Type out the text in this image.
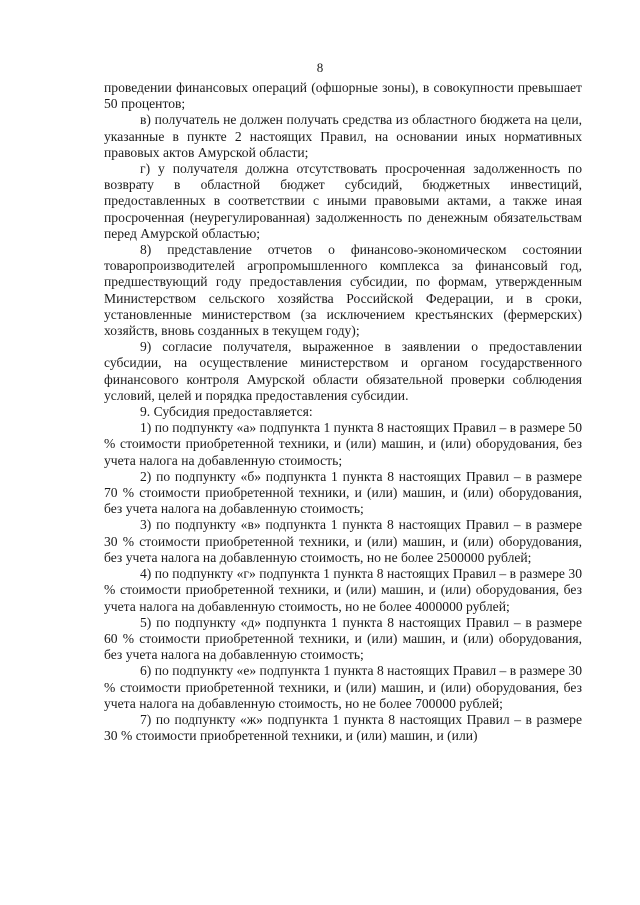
8

проведении финансовых операций (офшорные зоны), в совокупности превышает 50 процентов;

в) получатель не должен получать средства из областного бюджета на цели, указанные в пункте 2 настоящих Правил, на основании иных нормативных правовых актов Амурской области;

г) у получателя должна отсутствовать просроченная задолженность по возврату в областной бюджет субсидий, бюджетных инвестиций, предоставленных в соответствии с иными правовыми актами, а также иная просроченная (неурегулированная) задолженность по денежным обязательствам перед Амурской областью;

8) представление отчетов о финансово-экономическом состоянии товаропроизводителей агропромышленного комплекса за финансовый год, предшествующий году предоставления субсидии, по формам, утвержденным Министерством сельского хозяйства Российской Федерации, и в сроки, установленные министерством (за исключением крестьянских (фермерских) хозяйств, вновь созданных в текущем году);

9) согласие получателя, выраженное в заявлении о предоставлении субсидии, на осуществление министерством и органом государственного финансового контроля Амурской области обязательной проверки соблюдения условий, целей и порядка предоставления субсидии.

9. Субсидия предоставляется:

1) по подпункту «а» подпункта 1 пункта 8 настоящих Правил – в размере 50 % стоимости приобретенной техники, и (или) машин, и (или) оборудования, без учета налога на добавленную стоимость;

2) по подпункту «б» подпункта 1 пункта 8 настоящих Правил – в размере 70 % стоимости приобретенной техники, и (или) машин, и (или) оборудования, без учета налога на добавленную стоимость;

3) по подпункту «в» подпункта 1 пункта 8 настоящих Правил – в размере 30 % стоимости приобретенной техники, и (или) машин, и (или) оборудования, без учета налога на добавленную стоимость, но не более 2500000 рублей;

4) по подпункту «г» подпункта 1 пункта 8 настоящих Правил – в размере 30 % стоимости приобретенной техники, и (или) машин, и (или) оборудования, без учета налога на добавленную стоимость, но не более 4000000 рублей;

5) по подпункту «д» подпункта 1 пункта 8 настоящих Правил – в размере 60 % стоимости приобретенной техники, и (или) машин, и (или) оборудования, без учета налога на добавленную стоимость;

6) по подпункту «е» подпункта 1 пункта 8 настоящих Правил – в размере 30 % стоимости приобретенной техники, и (или) машин, и (или) оборудования, без учета налога на добавленную стоимость, но не более 700000 рублей;

7) по подпункту «ж» подпункта 1 пункта 8 настоящих Правил – в размере 30 % стоимости приобретенной техники, и (или) машин, и (или)
